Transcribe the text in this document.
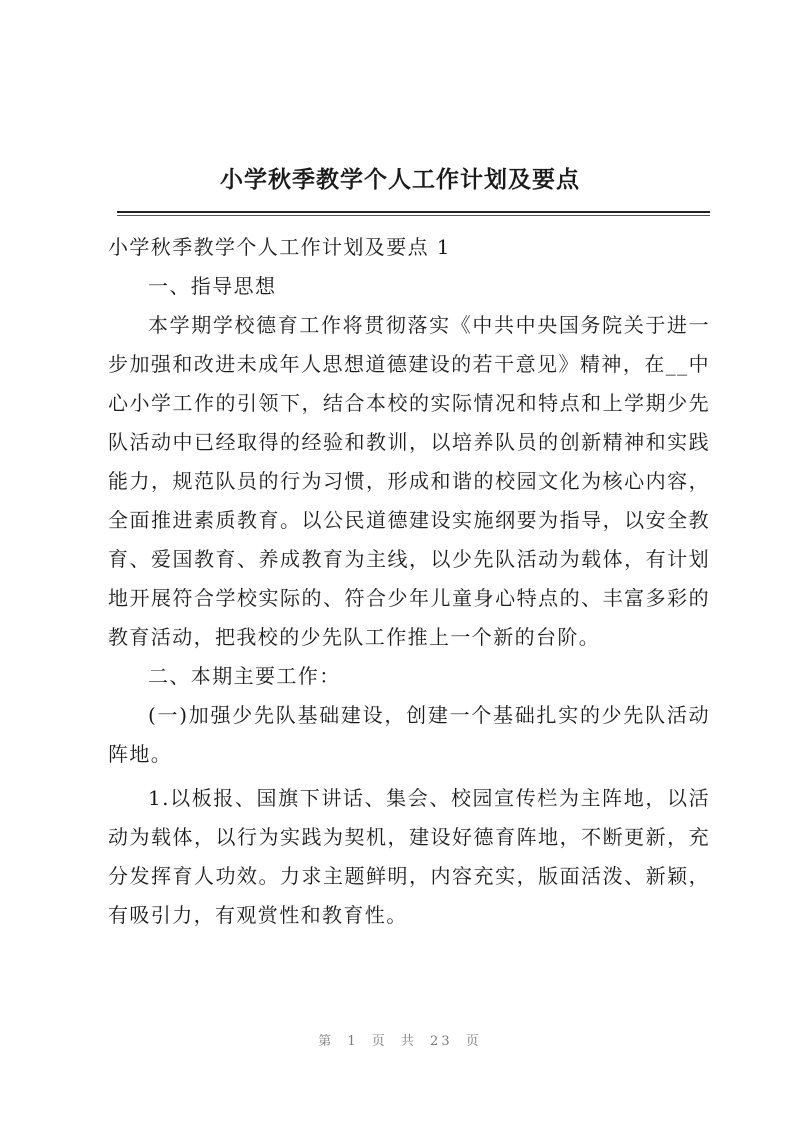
小学秋季教学个人工作计划及要点

小学秋季教学个人工作计划及要点 1

一、指导思想

本学期学校德育工作将贯彻落实《中共中央国务院关于进一步加强和改进未成年人思想道德建设的若干意见》精神，在__中心小学工作的引领下，结合本校的实际情况和特点和上学期少先队活动中已经取得的经验和教训，以培养队员的创新精神和实践能力，规范队员的行为习惯，形成和谐的校园文化为核心内容，全面推进素质教育。以公民道德建设实施纲要为指导，以安全教育、爱国教育、养成教育为主线，以少先队活动为载体，有计划地开展符合学校实际的、符合少年儿童身心特点的、丰富多彩的教育活动，把我校的少先队工作推上一个新的台阶。

二、本期主要工作：

(一)加强少先队基础建设，创建一个基础扎实的少先队活动阵地。

1.以板报、国旗下讲话、集会、校园宣传栏为主阵地，以活动为载体，以行为实践为契机，建设好德育阵地，不断更新，充分发挥育人功效。力求主题鲜明，内容充实，版面活泼、新颖，有吸引力，有观赏性和教育性。

第 1 页 共 23 页
